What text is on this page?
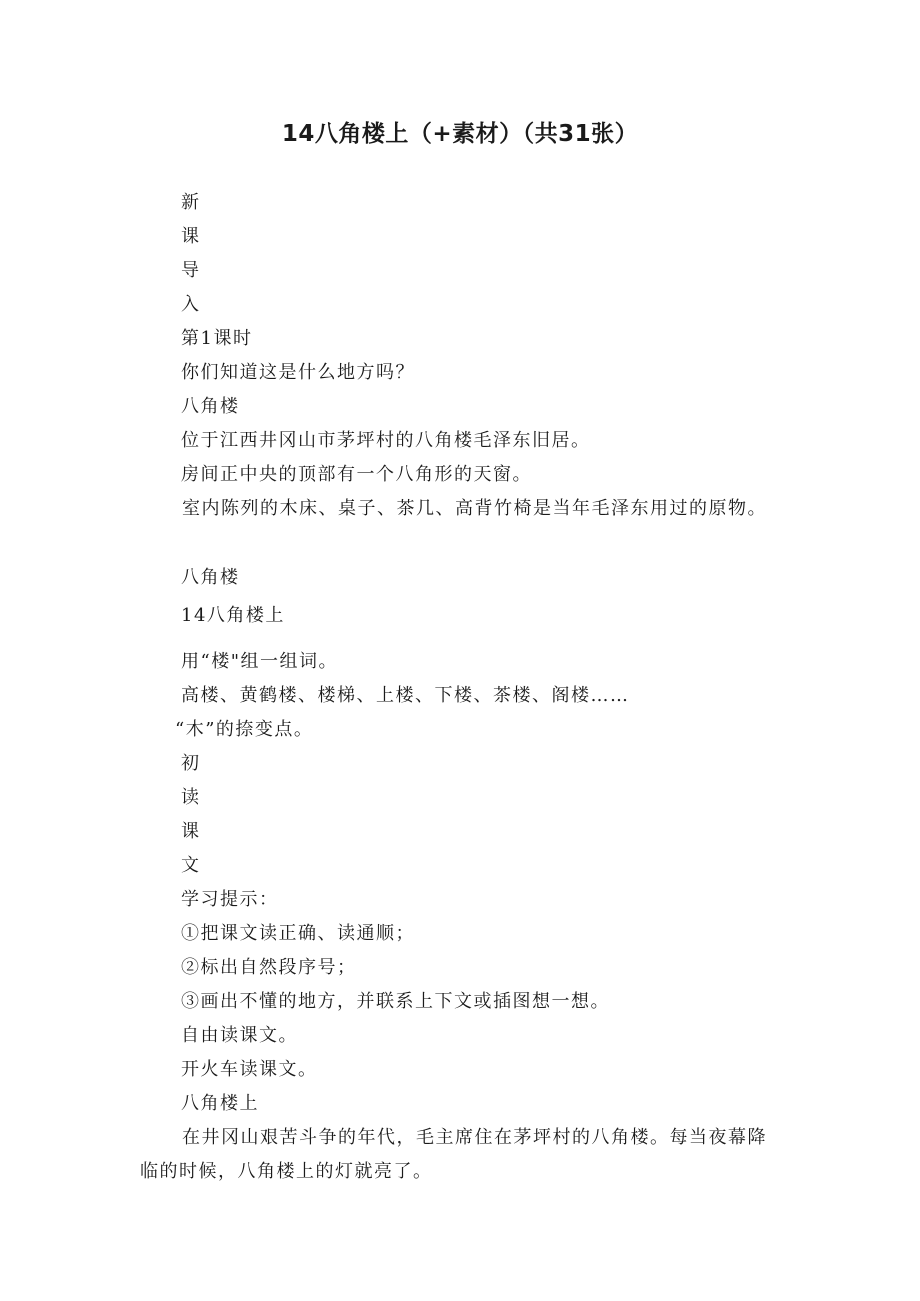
14八角楼上（+素材）（共31张）
新
课
导
入
第1课时
你们知道这是什么地方吗？
八角楼
位于江西井冈山市茅坪村的八角楼毛泽东旧居。
房间正中央的顶部有一个八角形的天窗。
室内陈列的木床、桌子、茶几、高背竹椅是当年毛泽东用过的原物。
八角楼
14八角楼上
用“楼"组一组词。
高楼、黄鹤楼、楼梯、上楼、下楼、茶楼、阁楼……
“木”的捺变点。
初
读
课
文
学习提示：
①把课文读正确、读通顺；
②标出自然段序号；
③画出不懂的地方，并联系上下文或插图想一想。
自由读课文。
开火车读课文。
八角楼上
在井冈山艰苦斗争的年代，毛主席住在茅坪村的八角楼。每当夜幕降临的时候，八角楼上的灯就亮了。
